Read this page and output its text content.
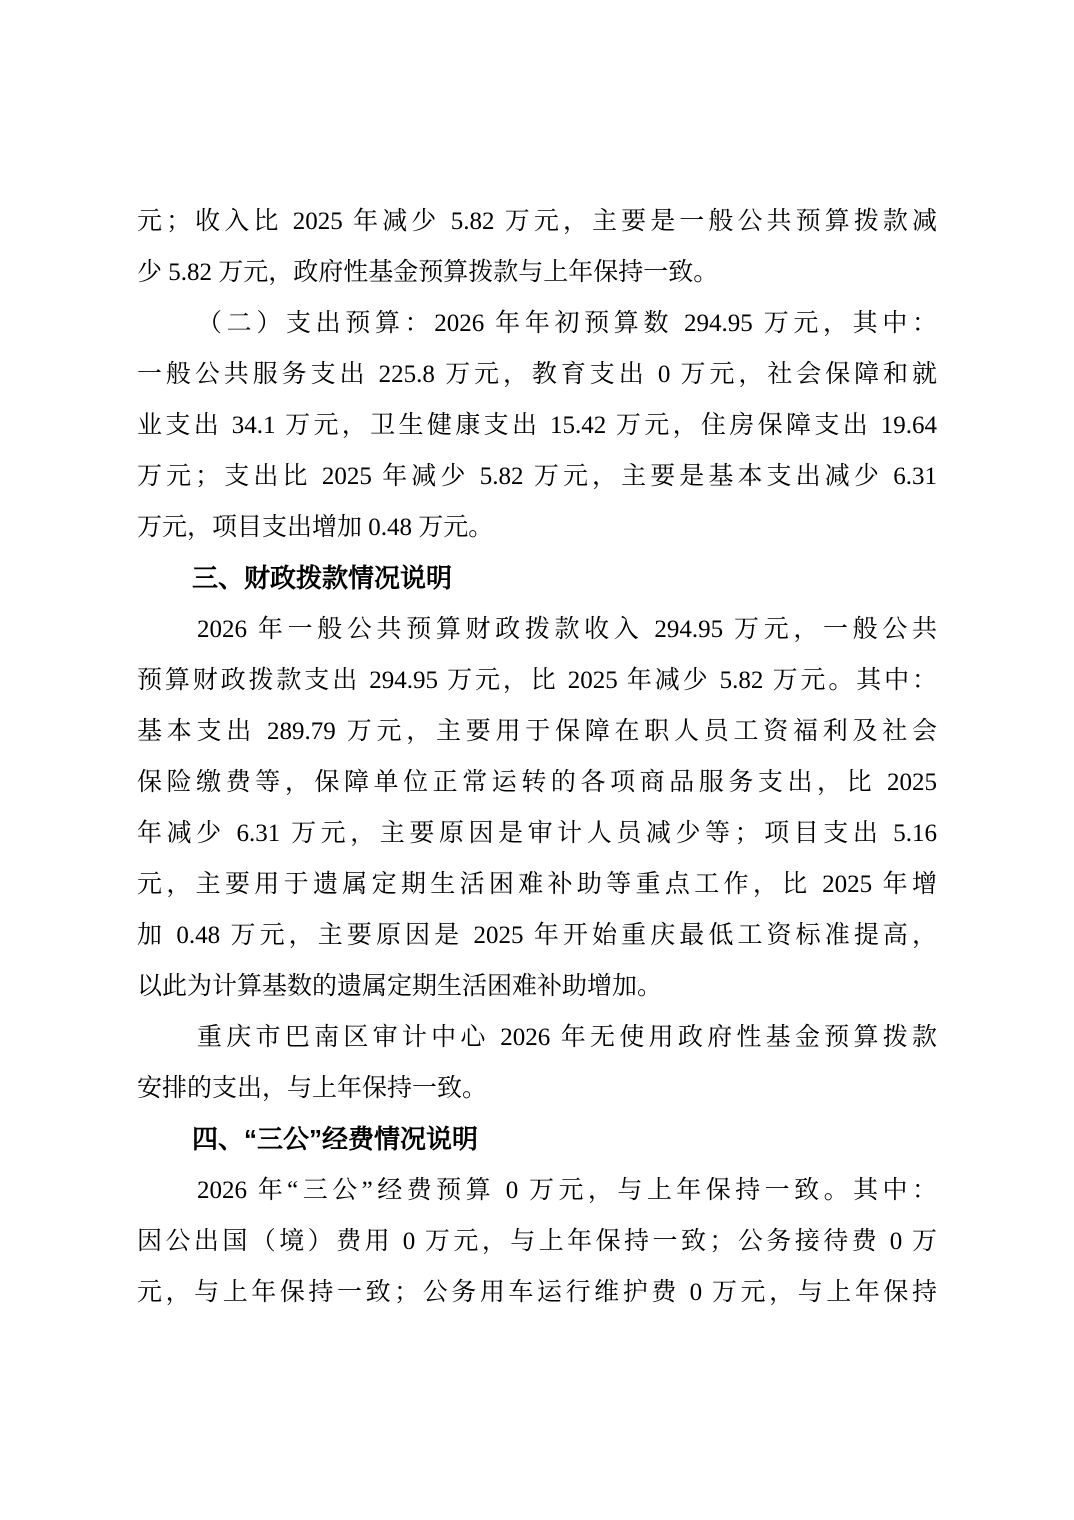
元；收入比 2025 年减少 5.82 万元，主要是一般公共预算拨款减
少 5.82 万元，政府性基金预算拨款与上年保持一致。
（二）支出预算：2026 年年初预算数 294.95 万元，其中：
一般公共服务支出 225.8 万元，教育支出 0 万元，社会保障和就
业支出 34.1 万元，卫生健康支出 15.42 万元，住房保障支出 19.64
万元；支出比 2025 年减少 5.82 万元，主要是基本支出减少 6.31
万元，项目支出增加 0.48 万元。
三、财政拨款情况说明
2026 年一般公共预算财政拨款收入 294.95 万元，一般公共
预算财政拨款支出 294.95 万元，比 2025 年减少 5.82 万元。其中：
基本支出 289.79 万元，主要用于保障在职人员工资福利及社会
保险缴费等，保障单位正常运转的各项商品服务支出，比 2025
年减少 6.31 万元，主要原因是审计人员减少等；项目支出 5.16
元，主要用于遗属定期生活困难补助等重点工作，比 2025 年增
加 0.48 万元，主要原因是 2025 年开始重庆最低工资标准提高，
以此为计算基数的遗属定期生活困难补助增加。
重庆市巴南区审计中心 2026 年无使用政府性基金预算拨款
安排的支出，与上年保持一致。
四、“三公”经费情况说明
2026 年“三公”经费预算 0 万元，与上年保持一致。其中：
因公出国（境）费用 0 万元，与上年保持一致；公务接待费 0 万
元，与上年保持一致；公务用车运行维护费 0 万元，与上年保持
